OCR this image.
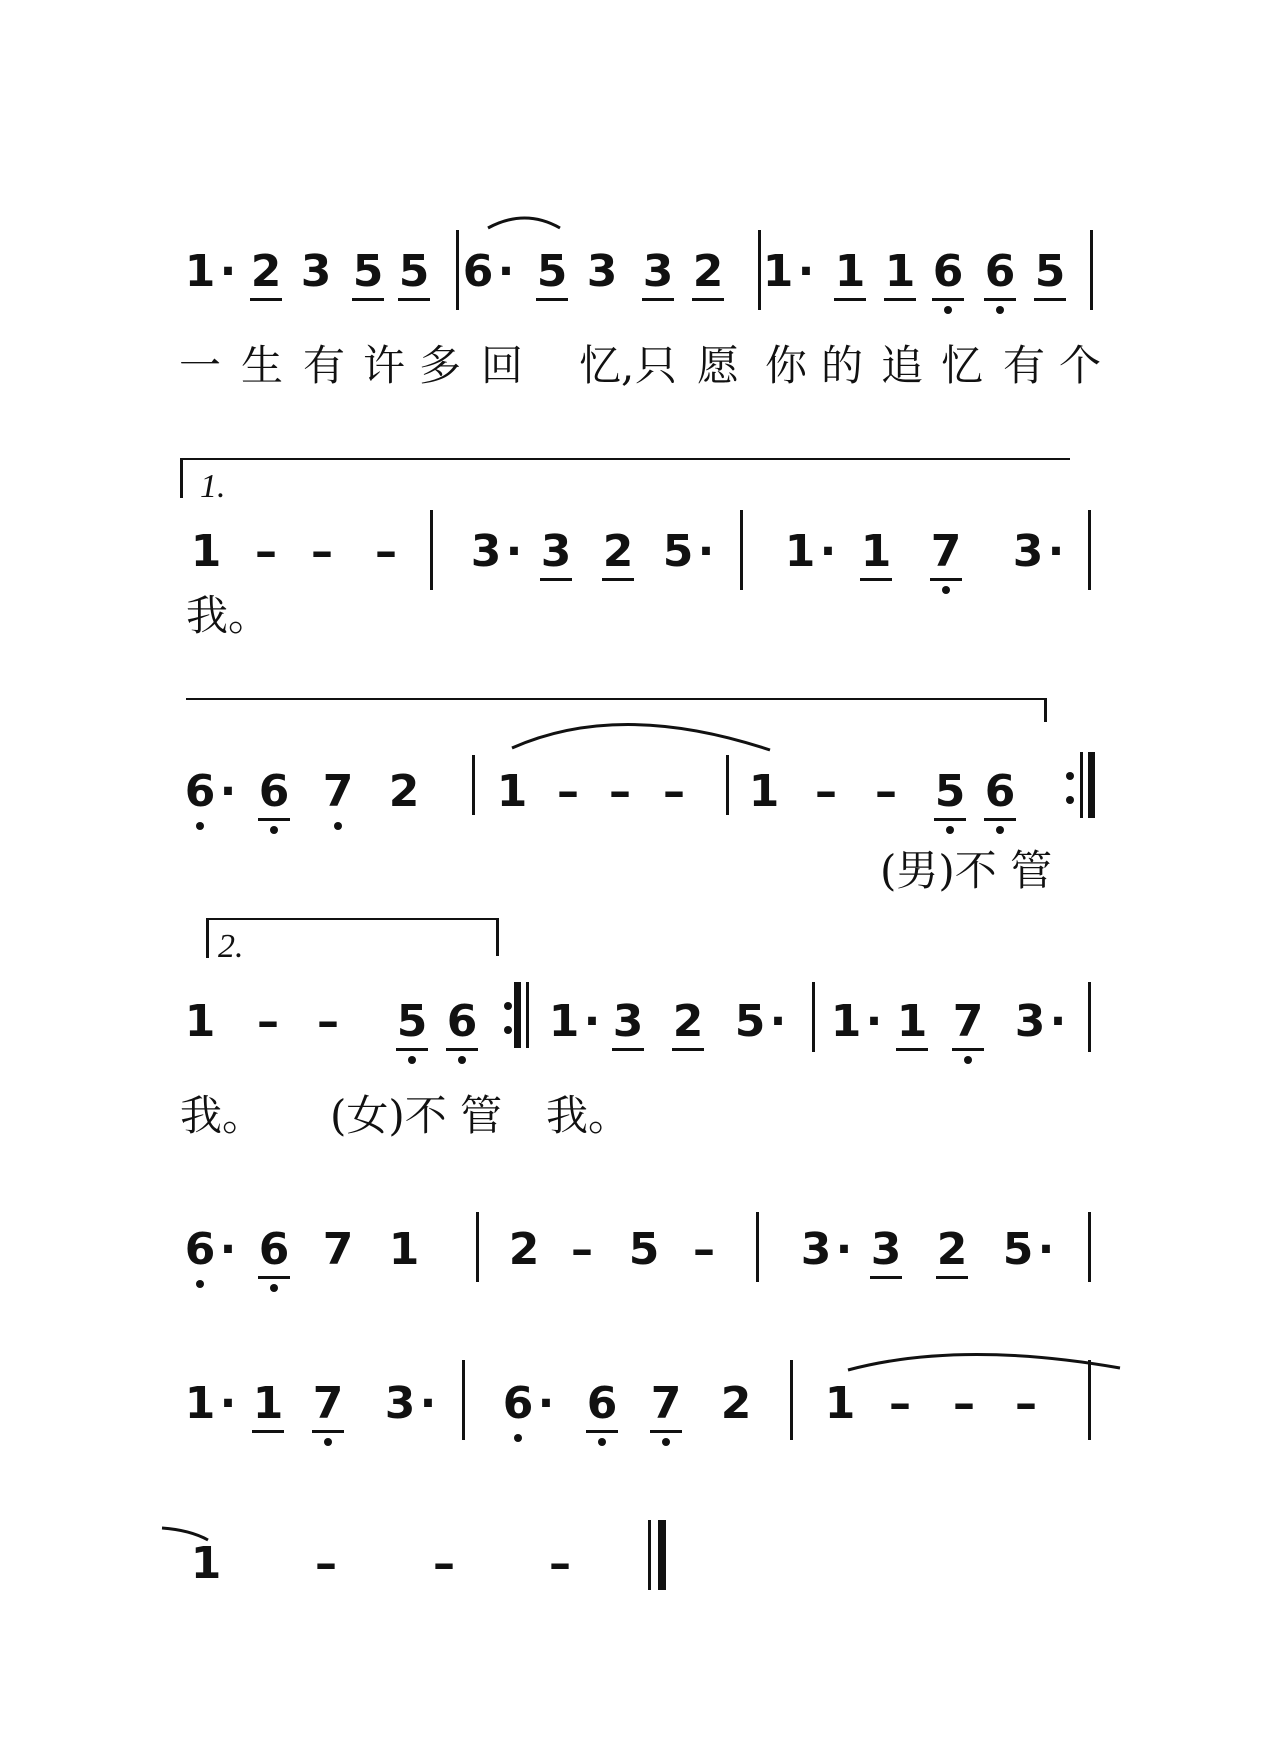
1 · 2 3 5 5 6 · 5 3 3 2 1 · 1 1 6 6 5
一 生 有 许 多 回 忆, 只 愿 你 的 追 忆 有 个
1.
1 – – – 3 · 3 2 5 · 1 · 1 7 3 ·
我。
6 · 6 7 2 1 – – – 1 – – 5 6
(男)不 管
2.
1 – – 5 6 1 · 3 2 5 · 1 · 1 7 3 ·
我。 (女)不 管 我。
6 · 6 7 1 2 – 5 – 3 · 3 2 5 ·
1 · 1 7 3 · 6 · 6 7 2 1 – – –
1 – – –
